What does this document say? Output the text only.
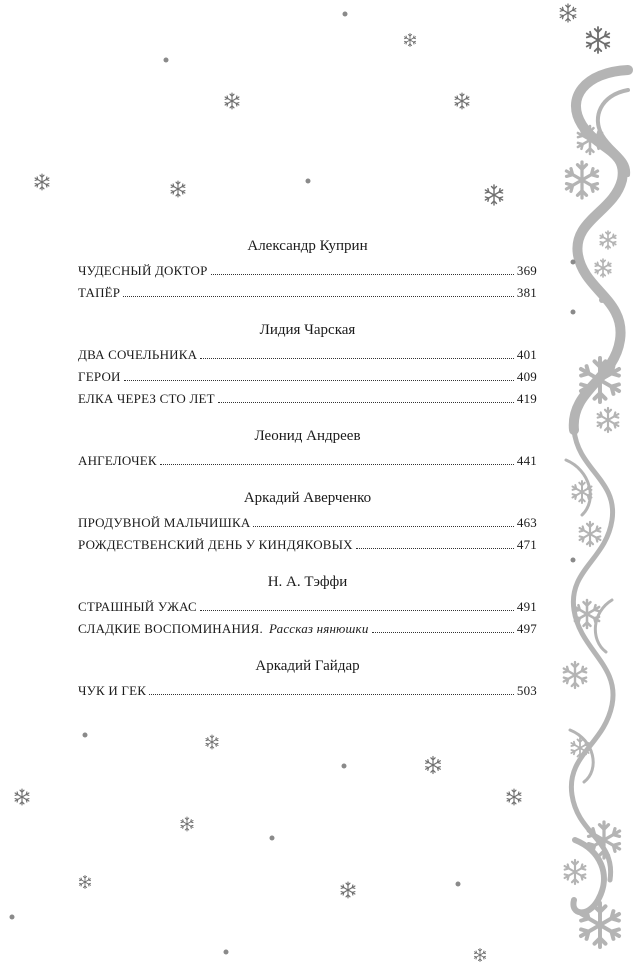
Александр Куприн
ЧУДЕСНЫЙ ДОКТОР	369
ТАПЁР	381
Лидия Чарская
ДВА СОЧЕЛЬНИКА	401
ГЕРОИ	409
ЕЛКА ЧЕРЕЗ СТО ЛЕТ	419
Леонид Андреев
АНГЕЛОЧЕК	441
Аркадий Аверченко
ПРОДУВНОЙ МАЛЬЧИШКА	463
РОЖДЕСТВЕНСКИЙ ДЕНЬ У КИНДЯКОВЫХ	471
Н. А. Тэффи
СТРАШНЫЙ УЖАС	491
СЛАДКИЕ ВОСПОМИНАНИЯ. Рассказ нянюшки	497
Аркадий Гайдар
ЧУК И ГЕК	503
